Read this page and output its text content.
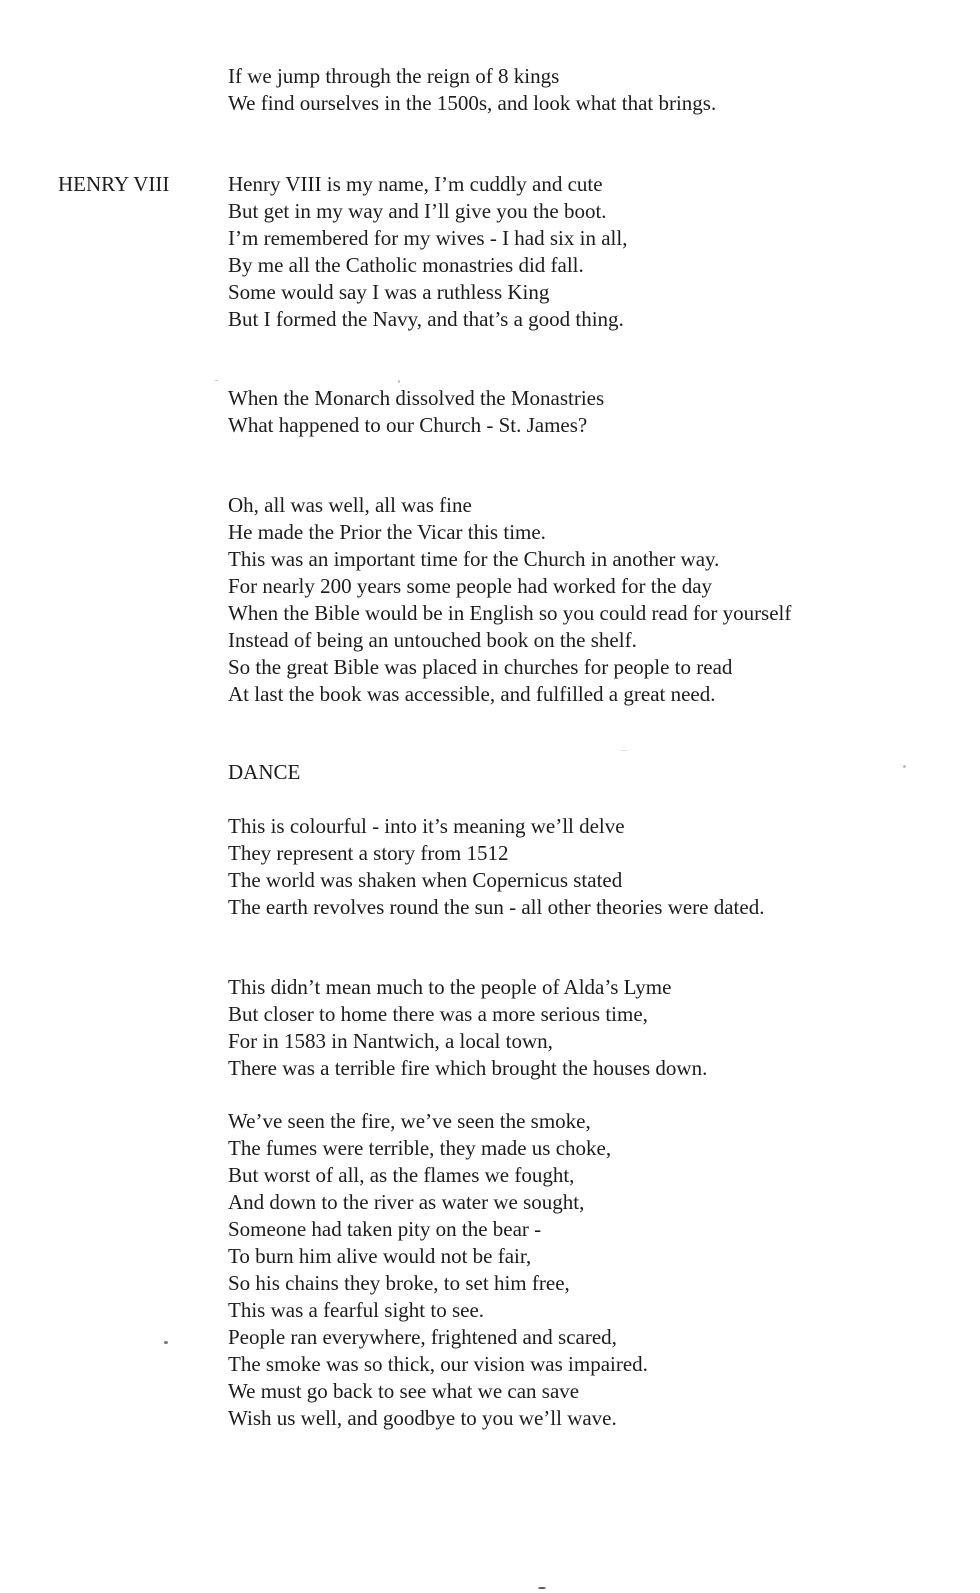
If we jump through the reign of 8 kings
We find ourselves in the 1500s, and look what that brings.
HENRY VIII	Henry VIII is my name, I’m cuddly and cute
But get in my way and I’ll give you the boot.
I’m remembered for my wives - I had six in all,
By me all the Catholic monastries did fall.
Some would say I was a ruthless King
But I formed the Navy, and that’s a good thing.
When the Monarch dissolved the Monastries
What happened to our Church - St. James?
Oh, all was well, all was fine
He made the Prior the Vicar this time.
This was an important time for the Church in another way.
For nearly 200 years some people had worked for the day
When the Bible would be in English so you could read for yourself
Instead of being an untouched book on the shelf.
So the great Bible was placed in churches for people to read
At last the book was accessible, and fulfilled a great need.
DANCE
This is colourful - into it’s meaning we’ll delve
They represent a story from 1512
The world was shaken when Copernicus stated
The earth revolves round the sun - all other theories were dated.
This didn’t mean much to the people of Alda’s Lyme
But closer to home there was a more serious time,
For in 1583 in Nantwich, a local town,
There was a terrible fire which brought the houses down.
We’ve seen the fire, we’ve seen the smoke,
The fumes were terrible, they made us choke,
But worst of all, as the flames we fought,
And down to the river as water we sought,
Someone had taken pity on the bear -
To burn him alive would not be fair,
So his chains they broke, to set him free,
This was a fearful sight to see.
People ran everywhere, frightened and scared,
The smoke was so thick, our vision was impaired.
We must go back to see what we can save
Wish us well, and goodbye to you we’ll wave.
